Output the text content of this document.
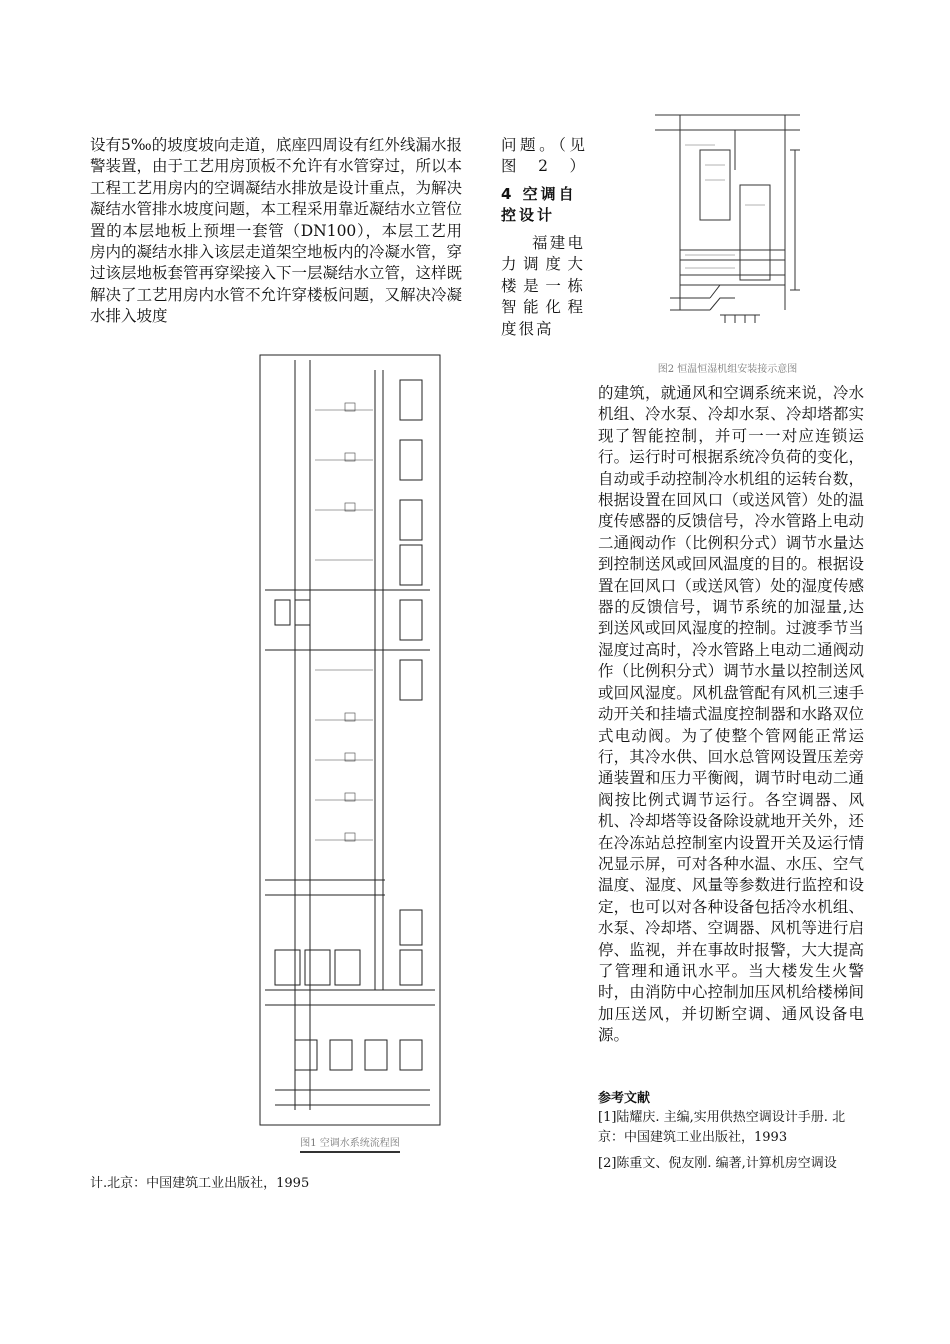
设有5‰的坡度坡向走道，底座四周设有红外线漏水报警装置，由于工艺用房顶板不允许有水管穿过，所以本工程工艺用房内的空调凝结水排放是设计重点，为解决凝结水管排水坡度问题，本工程采用靠近凝结水立管位置的本层地板上预埋一套管（DN100），本层工艺用房内的凝结水排入该层走道架空地板内的冷凝水管，穿过该层地板套管再穿梁接入下一层凝结水立管，这样既解决了工艺用房内水管不允许穿楼板问题，又解决冷凝水排入坡度

问题。（见图2）

4 空调自控设计

福建电力调度大楼是一栋智能化程度很高

图2 恒温恒湿机组安装接示意图
图1 空调水系统流程图

的建筑，就通风和空调系统来说，冷水机组、冷水泵、冷却水泵、冷却塔都实现了智能控制，并可一一对应连锁运行。运行时可根据系统冷负荷的变化，自动或手动控制冷水机组的运转台数，根据设置在回风口（或送风管）处的温度传感器的反馈信号，冷水管路上电动二通阀动作（比例积分式）调节水量达到控制送风或回风温度的目的。根据设置在回风口（或送风管）处的湿度传感器的反馈信号，调节系统的加湿量,达到送风或回风湿度的控制。过渡季节当湿度过高时，冷水管路上电动二通阀动作（比例积分式）调节水量以控制送风或回风湿度。风机盘管配有风机三速手动开关和挂墙式温度控制器和水路双位式电动阀。为了使整个管网能正常运行，其冷水供、回水总管网设置压差旁通装置和压力平衡阀，调节时电动二通阀按比例式调节运行。各空调器、风机、冷却塔等设备除设就地开关外，还在冷冻站总控制室内设置开关及运行情况显示屏，可对各种水温、水压、空气温度、湿度、风量等参数进行监控和设定，也可以对各种设备包括冷水机组、水泵、冷却塔、空调器、风机等进行启停、监视，并在事故时报警，大大提高了管理和通讯水平。当大楼发生火警时，由消防中心控制加压风机给楼梯间加压送风，并切断空调、通风设备电源。

参考文献

[1]陆耀庆. 主编,实用供热空调设计手册. 北京：中国建筑工业出版社，1993

[2]陈重文、倪友刚. 编著,计算机房空调设

计.北京：中国建筑工业出版社，1995
